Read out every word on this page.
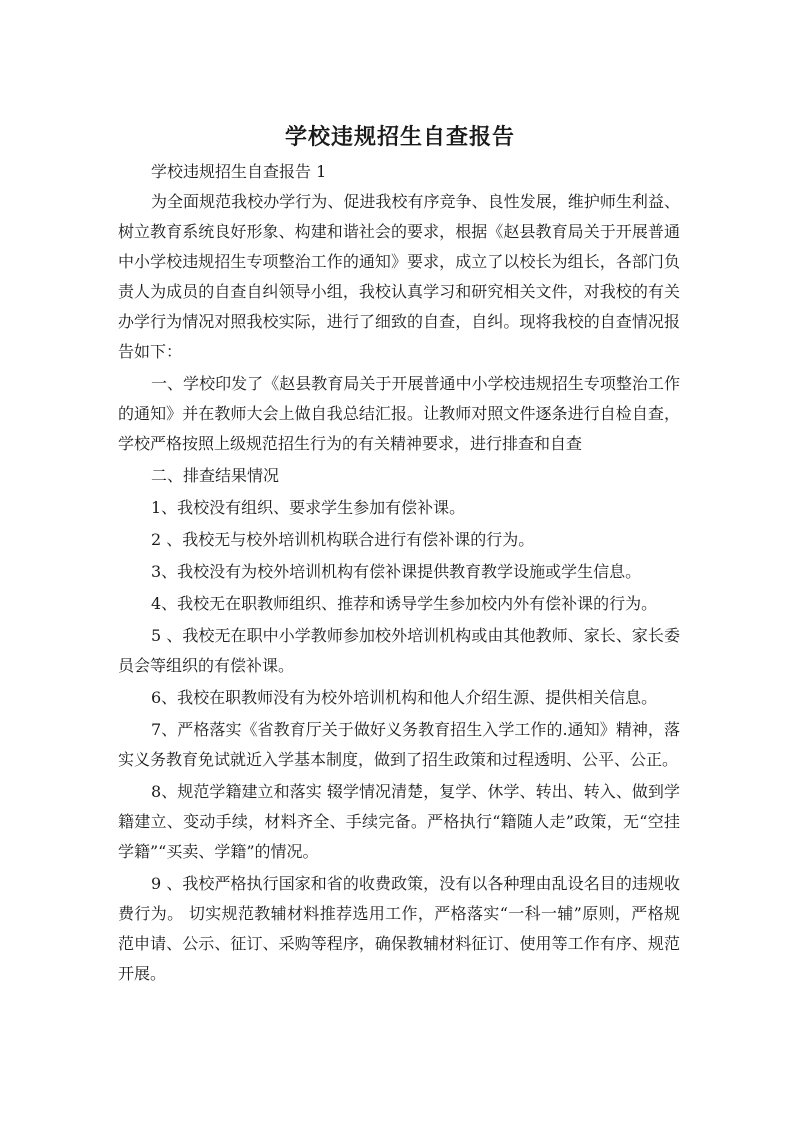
学校违规招生自查报告

学校违规招生自查报告 1

为全面规范我校办学行为、促进我校有序竞争、良性发展，维护师生利益、树立教育系统良好形象、构建和谐社会的要求，根据《赵县教育局关于开展普通中小学校违规招生专项整治工作的通知》要求，成立了以校长为组长，各部门负责人为成员的自查自纠领导小组，我校认真学习和研究相关文件，对我校的有关办学行为情况对照我校实际，进行了细致的自查，自纠。现将我校的自查情况报告如下：

一、学校印发了《赵县教育局关于开展普通中小学校违规招生专项整治工作的通知》并在教师大会上做自我总结汇报。让教师对照文件逐条进行自检自查，学校严格按照上级规范招生行为的有关精神要求，进行排查和自查

二、排查结果情况

1、我校没有组织、要求学生参加有偿补课。

2 、我校无与校外培训机构联合进行有偿补课的行为。

3、我校没有为校外培训机构有偿补课提供教育教学设施或学生信息。

4、我校无在职教师组织、推荐和诱导学生参加校内外有偿补课的行为。

5 、我校无在职中小学教师参加校外培训机构或由其他教师、家长、家长委员会等组织的有偿补课。

6、我校在职教师没有为校外培训机构和他人介绍生源、提供相关信息。

7、严格落实《省教育厅关于做好义务教育招生入学工作的.通知》精神，落实义务教育免试就近入学基本制度，做到了招生政策和过程透明、公平、公正。

8、规范学籍建立和落实 辍学情况清楚，复学、休学、转出、转入、做到学籍建立、变动手续，材料齐全、手续完备。严格执行“籍随人走”政策，无“空挂学籍”“买卖、学籍”的情况。

9 、我校严格执行国家和省的收费政策，没有以各种理由乱设名目的违规收费行为。 切实规范教辅材料推荐选用工作，严格落实“一科一辅”原则，严格规范申请、公示、征订、采购等程序，确保教辅材料征订、使用等工作有序、规范开展。
